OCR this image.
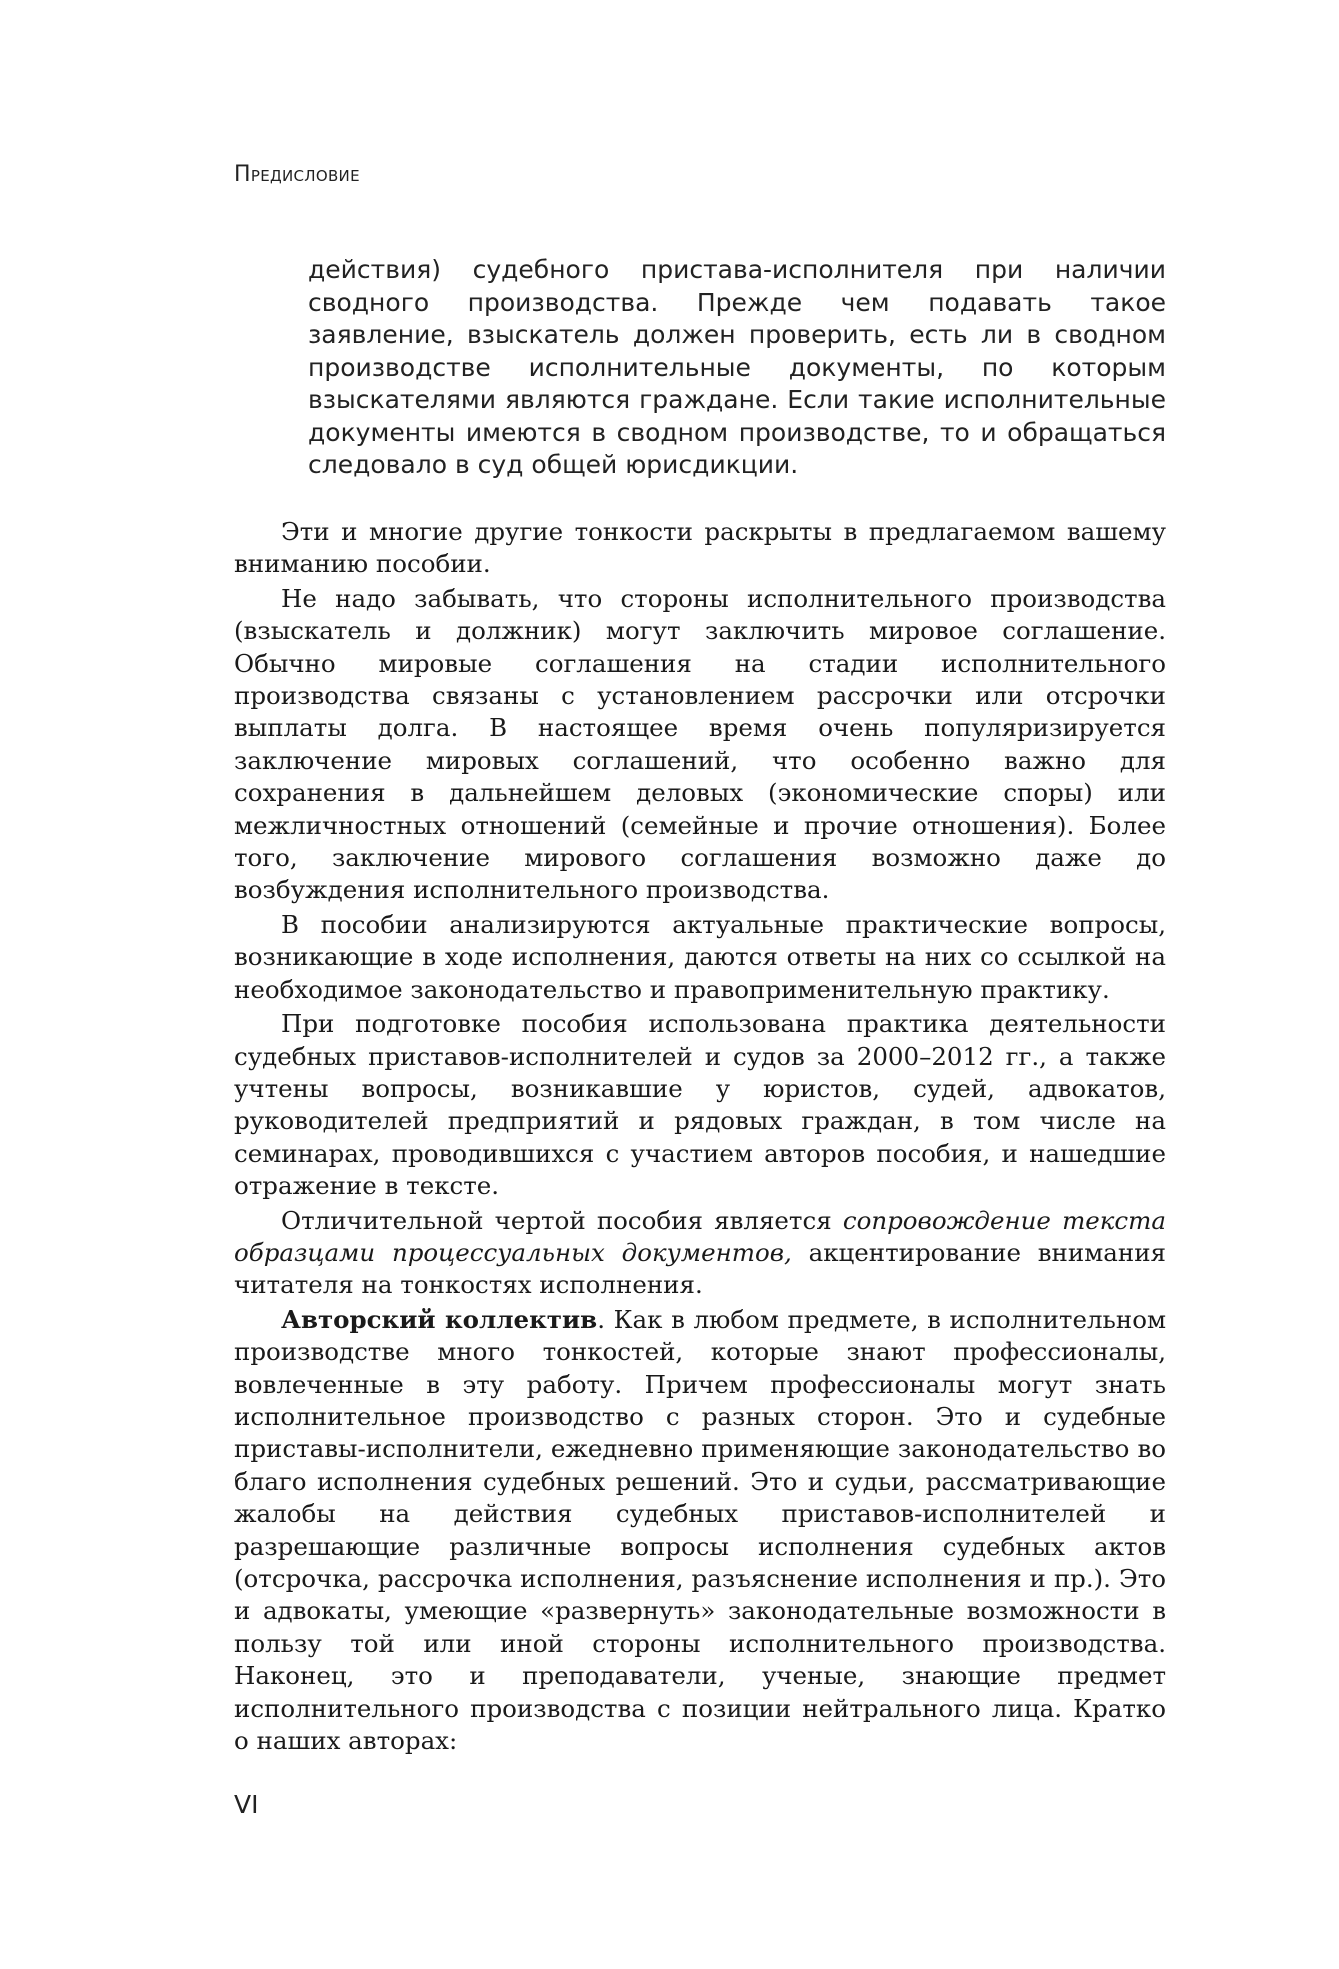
Предисловие

действия) судебного пристава-исполнителя при наличии сводного производства. Прежде чем подавать такое заявление, взыскатель должен проверить, есть ли в сводном производстве исполнительные документы, по которым взыскателями являются граждане. Если такие исполнительные документы имеются в сводном производстве, то и обращаться следовало в суд общей юрисдикции.

Эти и многие другие тонкости раскрыты в предлагаемом вашему вниманию пособии.

Не надо забывать, что стороны исполнительного производства (взыскатель и должник) могут заключить мировое соглашение. Обычно мировые соглашения на стадии исполнительного производства связаны с установлением рассрочки или отсрочки выплаты долга. В настоящее время очень популяризируется заключение мировых соглашений, что особенно важно для сохранения в дальнейшем деловых (экономические споры) или межличностных отношений (семейные и прочие отношения). Более того, заключение мирового соглашения возможно даже до возбуждения исполнительного производства.

В пособии анализируются актуальные практические вопросы, возникающие в ходе исполнения, даются ответы на них со ссылкой на необходимое законодательство и правоприменительную практику.

При подготовке пособия использована практика деятельности судебных приставов-исполнителей и судов за 2000–2012 гг., а также учтены вопросы, возникавшие у юристов, судей, адвокатов, руководителей предприятий и рядовых граждан, в том числе на семинарах, проводившихся с участием авторов пособия, и нашедшие отражение в тексте.

Отличительной чертой пособия является сопровождение текста образцами процессуальных документов, акцентирование внимания читателя на тонкостях исполнения.

Авторский коллектив. Как в любом предмете, в исполнительном производстве много тонкостей, которые знают профессионалы, вовлеченные в эту работу. Причем профессионалы могут знать исполнительное производство с разных сторон. Это и судебные приставы-исполнители, ежедневно применяющие законодательство во благо исполнения судебных решений. Это и судьи, рассматривающие жалобы на действия судебных приставов-исполнителей и разрешающие различные вопросы исполнения судебных актов (отсрочка, рассрочка исполнения, разъяснение исполнения и пр.). Это и адвокаты, умеющие «развернуть» законодательные возможности в пользу той или иной стороны исполнительного производства. Наконец, это и преподаватели, ученые, знающие предмет исполнительного производства с позиции нейтрального лица. Кратко о наших авторах:

VI
